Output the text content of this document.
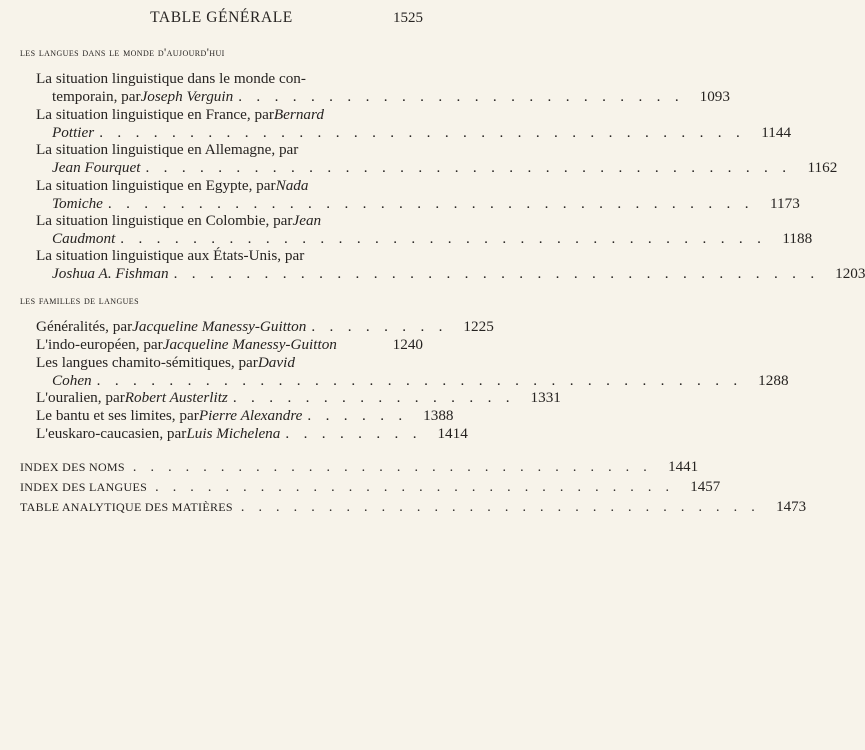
TABLE GÉNÉRALE	1525
les langues dans le monde d'aujourd'hui
La situation linguistique dans le monde con-
temporain, par Joseph Verguin . . . . . . . . . . . . . . . . . . . . . . . . .	1093
La situation linguistique en France, par Bernard
Pottier . . . . . . . . . . . . . . . . . . . . . . . . . . . . . . . . . . . .	1144
La situation linguistique en Allemagne, par
Jean Fourquet . . . . . . . . . . . . . . . . . . . . . . . . . . . . . . . . . . . .	1162
La situation linguistique en Egypte, par Nada
Tomiche . . . . . . . . . . . . . . . . . . . . . . . . . . . . . . . . . . . .	1173
La situation linguistique en Colombie, par Jean
Caudmont . . . . . . . . . . . . . . . . . . . . . . . . . . . . . . . . . . . .	1188
La situation linguistique aux États-Unis, par
Joshua A. Fishman . . . . . . . . . . . . . . . . . . . . . . . . . . . . . . . . . . . .	1203
les familles de langues
Généralités, par Jacqueline Manessy-Guitton . . . . . . . .	1225
L'indo-européen, par Jacqueline Manessy-Guitton	1240
Les langues chamito-sémitiques, par David
Cohen . . . . . . . . . . . . . . . . . . . . . . . . . . . . . . . . . . . .	1288
L'ouralien, par Robert Austerlitz . . . . . . . . . . . . . . . .	1331
Le bantu et ses limites, par Pierre Alexandre . . . . . .	1388
L'euskaro-caucasien, par Luis Michelena . . . . . . . .	1414
INDEX DES NOMS . . . . . . . . . . . . . . . . . . . . . . . . . . . . . .	1441
INDEX DES LANGUES . . . . . . . . . . . . . . . . . . . . . . . . . . . . . .	1457
TABLE ANALYTIQUE DES MATIÈRES . . . . . . . . . . . . . . . . . . . . . . . . . . . . . .	1473
